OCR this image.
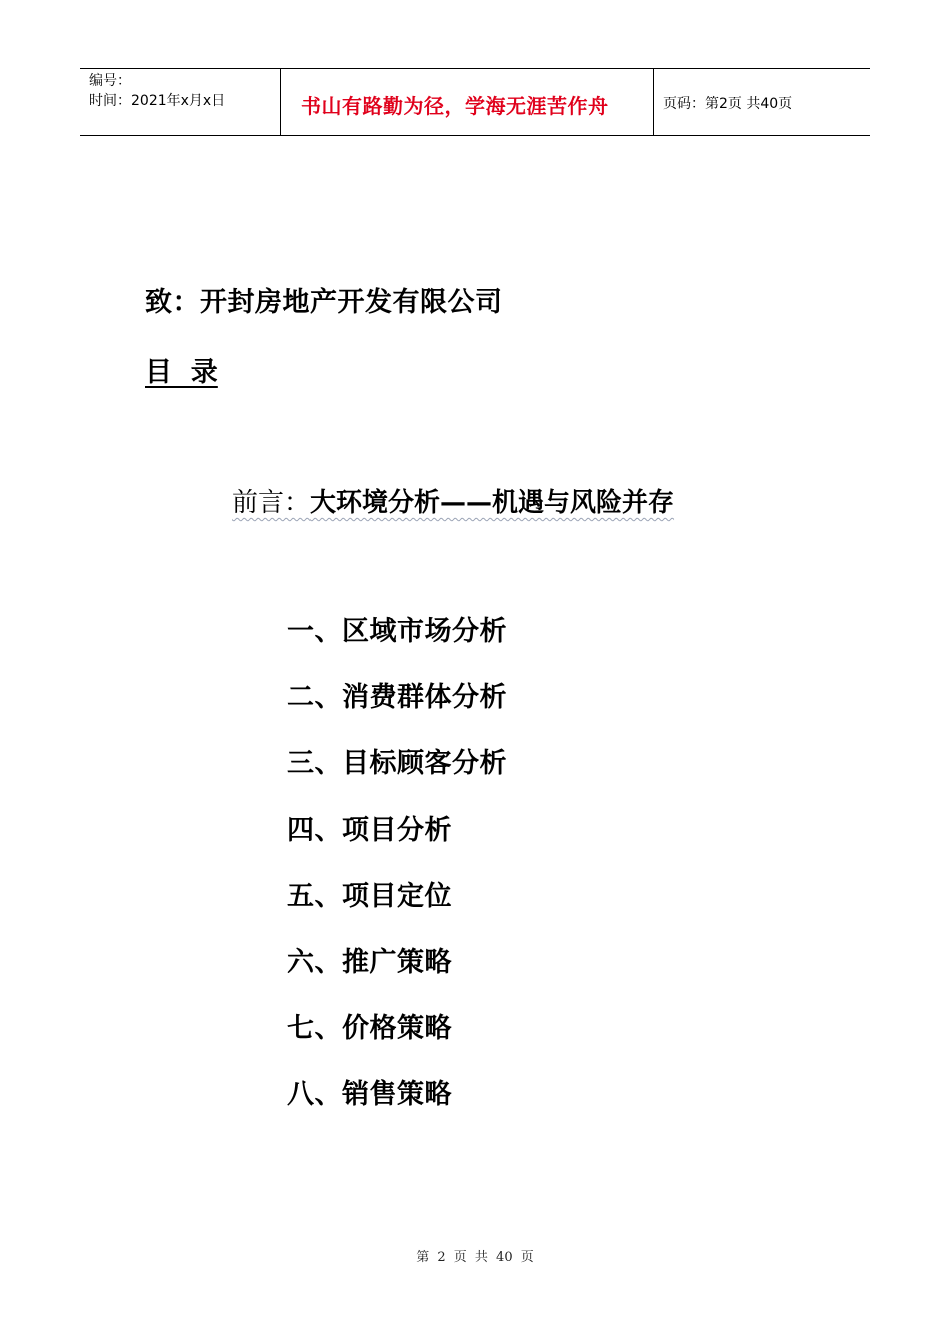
编号：
时间：2021年x月x日	书山有路勤为径，学海无涯苦作舟	页码：第2页 共40页
致：开封房地产开发有限公司
目  录
前言：大环境分析——机遇与风险并存
一、区域市场分析
二、消费群体分析
三、目标顾客分析
四、项目分析
五、项目定位
六、推广策略
七、价格策略
八、销售策略
第 2 页 共 40 页
